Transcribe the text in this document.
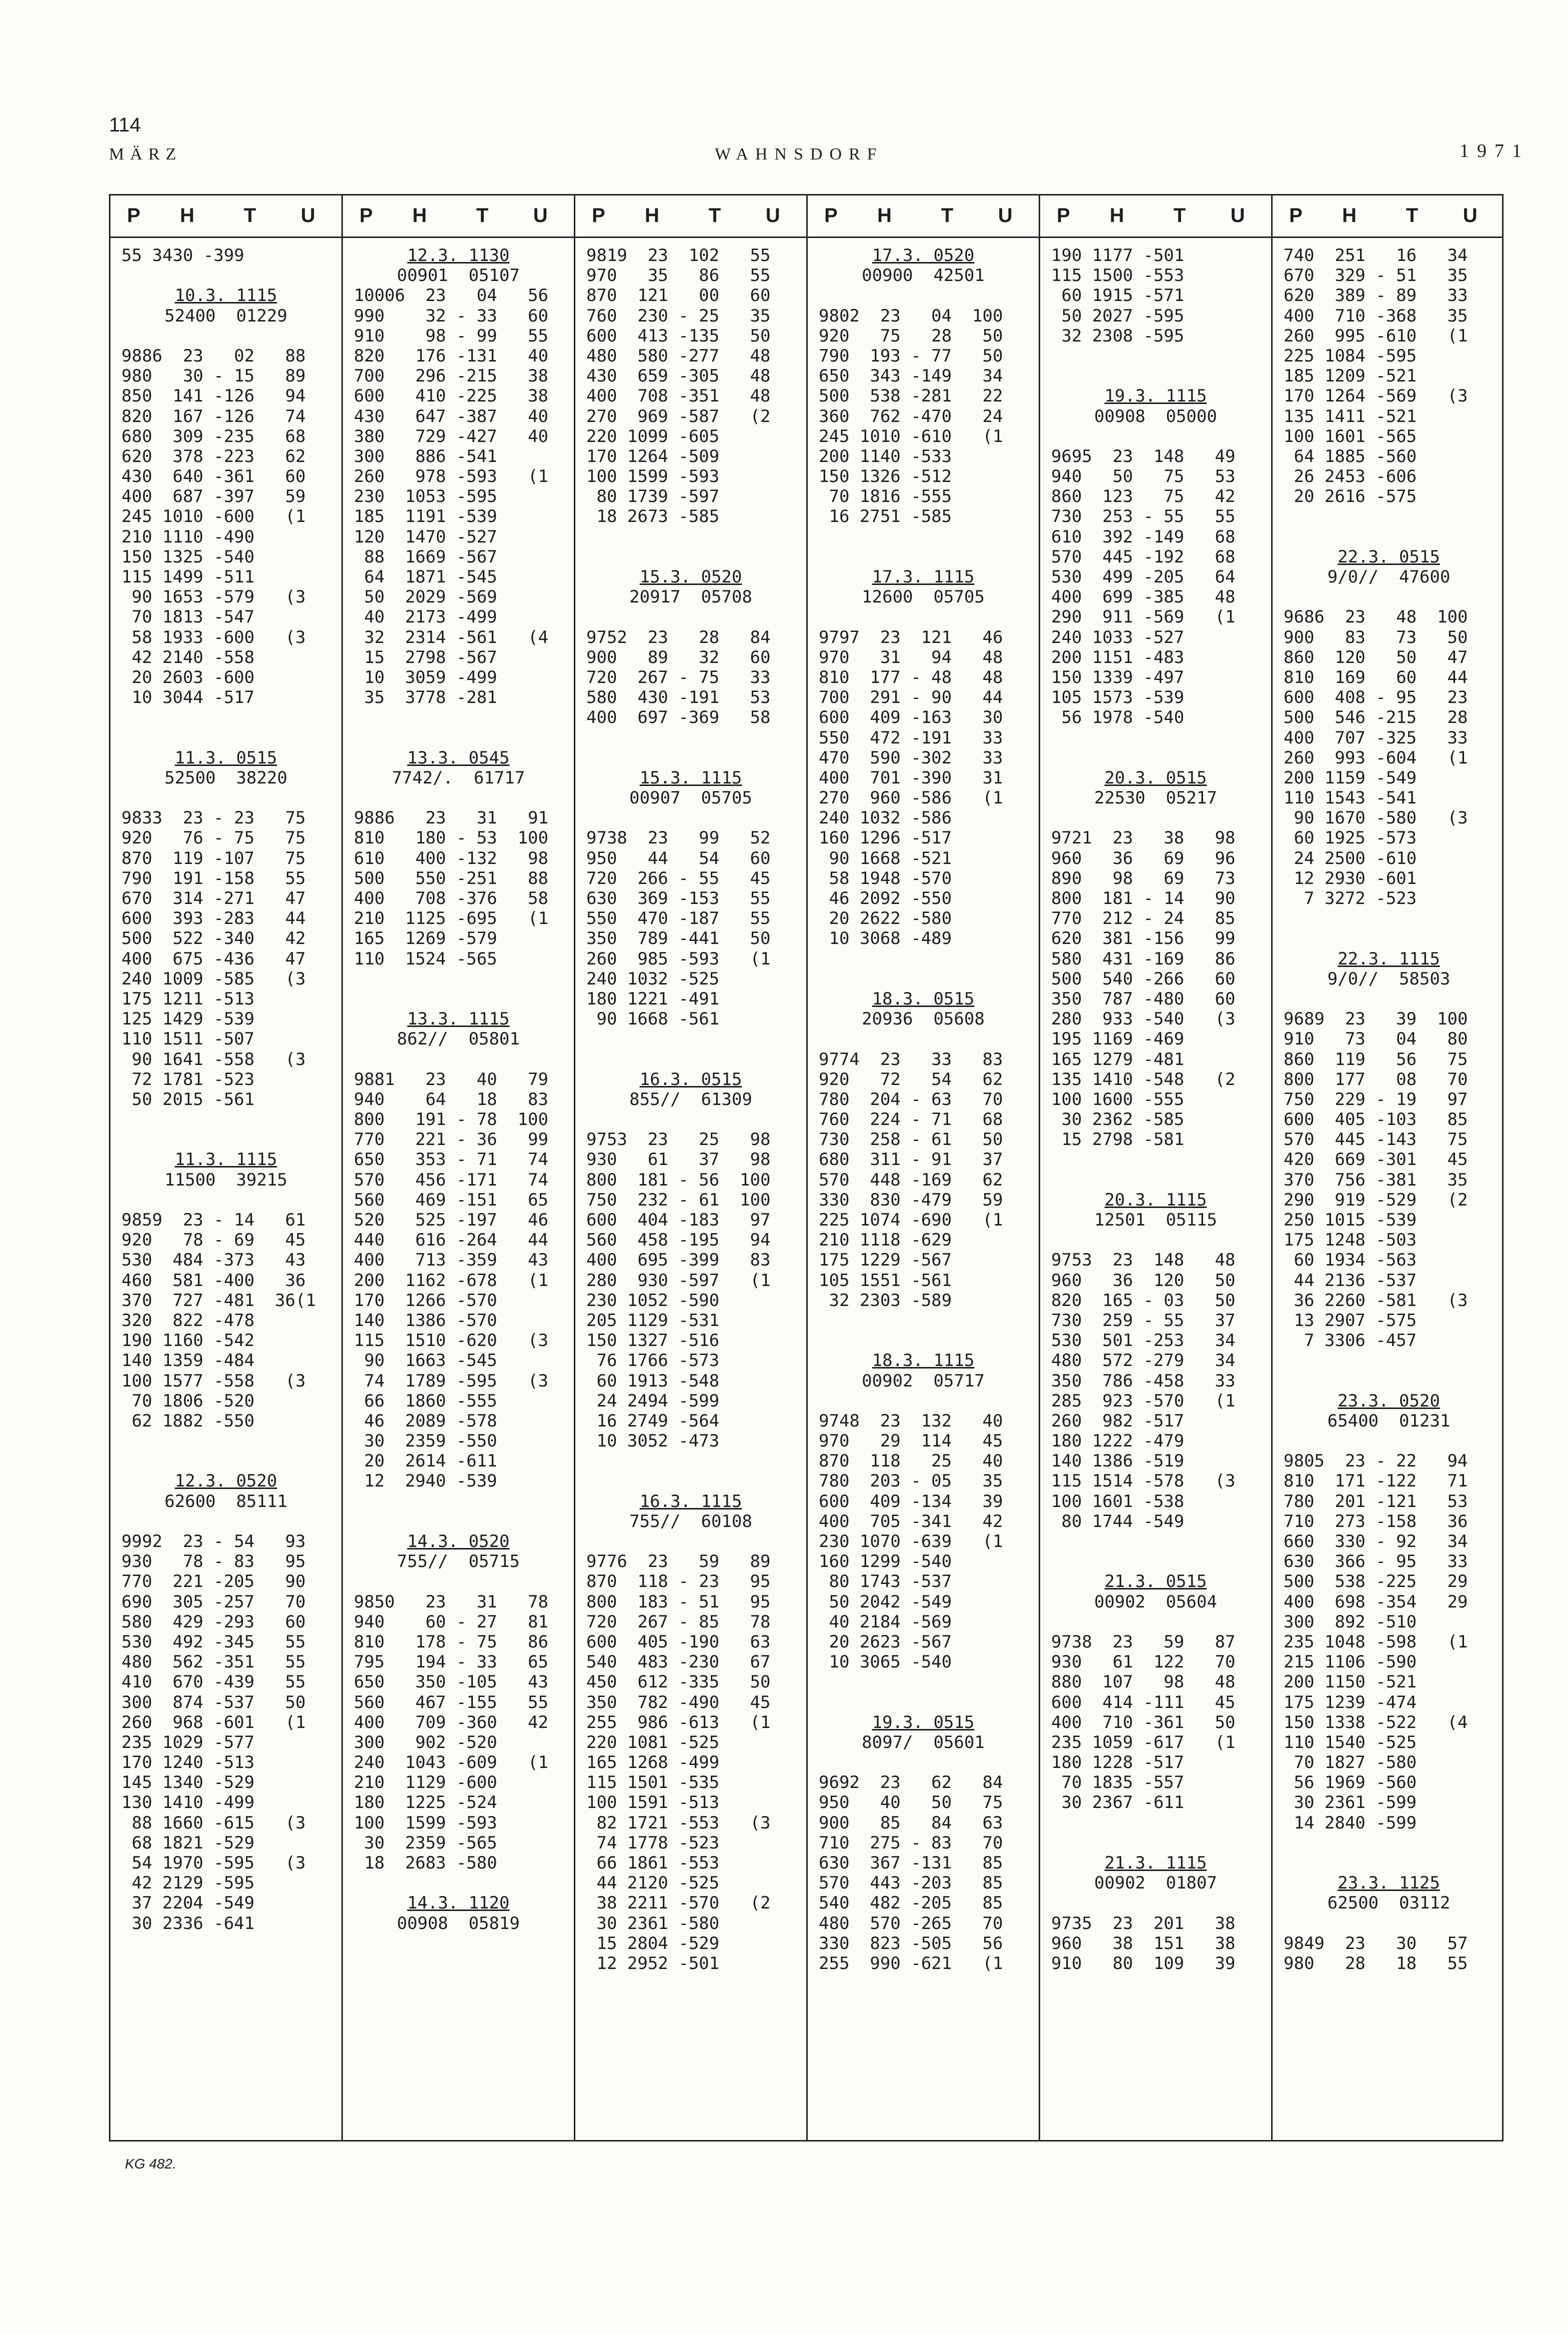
114
MÄRZ	WAHNSDORF	1971
P	H	T	U
55 3430 -399
10.3. 1115
52400  01229
9886  23   02   88
980   30 - 15   89
850  141 -126   94
820  167 -126   74
680  309 -235   68
620  378 -223   62
430  640 -361   60
400  687 -397   59
245 1010 -600   (1
210 1110 -490
150 1325 -540
115 1499 -511
90 1653 -579   (3
70 1813 -547
58 1933 -600   (3
42 2140 -558
20 2603 -600
10 3044 -517
11.3. 0515
52500  38220
9833  23 - 23   75
920   76 - 75   75
870  119 -107   75
790  191 -158   55
670  314 -271   47
600  393 -283   44
500  522 -340   42
400  675 -436   47
240 1009 -585   (3
175 1211 -513
125 1429 -539
110 1511 -507
90 1641 -558   (3
72 1781 -523
50 2015 -561
11.3. 1115
11500  39215
9859  23 - 14   61
920   78 - 69   45
530  484 -373   43
460  581 -400   36
370  727 -481  36(1
320  822 -478
190 1160 -542
140 1359 -484
100 1577 -558   (3
70 1806 -520
62 1882 -550
12.3. 0520
62600  85111
9992  23 - 54   93
930   78 - 83   95
770  221 -205   90
690  305 -257   70
580  429 -293   60
530  492 -345   55
480  562 -351   55
410  670 -439   55
300  874 -537   50
260  968 -601   (1
235 1029 -577
170 1240 -513
145 1340 -529
130 1410 -499
88 1660 -615   (3
68 1821 -529
54 1970 -595   (3
42 2129 -595
37 2204 -549
30 2336 -641
P	H	T	U
12.3. 1130
00901  05107
10006  23   04   56
990    32 - 33   60
910    98 - 99   55
820   176 -131   40
700   296 -215   38
600   410 -225   38
430   647 -387   40
380   729 -427   40
300   886 -541
260   978 -593   (1
230  1053 -595
185  1191 -539
120  1470 -527
88  1669 -567
64  1871 -545
50  2029 -569
40  2173 -499
32  2314 -561   (4
15  2798 -567
10  3059 -499
35  3778 -281
13.3. 0545
7742/.  61717
9886   23   31   91
810   180 - 53  100
610   400 -132   98
500   550 -251   88
400   708 -376   58
210  1125 -695   (1
165  1269 -579
110  1524 -565
13.3. 1115
862//  05801
9881   23   40   79
940    64   18   83
800   191 - 78  100
770   221 - 36   99
650   353 - 71   74
570   456 -171   74
560   469 -151   65
520   525 -197   46
440   616 -264   44
400   713 -359   43
200  1162 -678   (1
170  1266 -570
140  1386 -570
115  1510 -620   (3
90  1663 -545
74  1789 -595   (3
66  1860 -555
46  2089 -578
30  2359 -550
20  2614 -611
12  2940 -539
14.3. 0520
755//  05715
9850   23   31   78
940    60 - 27   81
810   178 - 75   86
795   194 - 33   65
650   350 -105   43
560   467 -155   55
400   709 -360   42
300   902 -520
240  1043 -609   (1
210  1129 -600
180  1225 -524
100  1599 -593
30  2359 -565
18  2683 -580
14.3. 1120
00908  05819
P	H	T	U
9819  23  102   55
970   35   86   55
870  121   00   60
760  230 - 25   35
600  413 -135   50
480  580 -277   48
430  659 -305   48
400  708 -351   48
270  969 -587   (2
220 1099 -605
170 1264 -509
100 1599 -593
80 1739 -597
18 2673 -585
15.3. 0520
20917  05708
9752  23   28   84
900   89   32   60
720  267 - 75   33
580  430 -191   53
400  697 -369   58
15.3. 1115
00907  05705
9738  23   99   52
950   44   54   60
720  266 - 55   45
630  369 -153   55
550  470 -187   55
350  789 -441   50
260  985 -593   (1
240 1032 -525
180 1221 -491
90 1668 -561
16.3. 0515
855//  61309
9753  23   25   98
930   61   37   98
800  181 - 56  100
750  232 - 61  100
600  404 -183   97
560  458 -195   94
400  695 -399   83
280  930 -597   (1
230 1052 -590
205 1129 -531
150 1327 -516
76 1766 -573
60 1913 -548
24 2494 -599
16 2749 -564
10 3052 -473
16.3. 1115
755//  60108
9776  23   59   89
870  118 - 23   95
800  183 - 51   95
720  267 - 85   78
600  405 -190   63
540  483 -230   67
450  612 -335   50
350  782 -490   45
255  986 -613   (1
220 1081 -525
165 1268 -499
115 1501 -535
100 1591 -513
82 1721 -553   (3
74 1778 -523
66 1861 -553
44 2120 -525
38 2211 -570   (2
30 2361 -580
15 2804 -529
12 2952 -501
P	H	T	U
17.3. 0520
00900  42501
9802  23   04  100
920   75   28   50
790  193 - 77   50
650  343 -149   34
500  538 -281   22
360  762 -470   24
245 1010 -610   (1
200 1140 -533
150 1326 -512
70 1816 -555
16 2751 -585
17.3. 1115
12600  05705
9797  23  121   46
970   31   94   48
810  177 - 48   48
700  291 - 90   44
600  409 -163   30
550  472 -191   33
470  590 -302   33
400  701 -390   31
270  960 -586   (1
240 1032 -586
160 1296 -517
90 1668 -521
58 1948 -570
46 2092 -550
20 2622 -580
10 3068 -489
18.3. 0515
20936  05608
9774  23   33   83
920   72   54   62
780  204 - 63   70
760  224 - 71   68
730  258 - 61   50
680  311 - 91   37
570  448 -169   62
330  830 -479   59
225 1074 -690   (1
210 1118 -629
175 1229 -567
105 1551 -561
32 2303 -589
18.3. 1115
00902  05717
9748  23  132   40
970   29  114   45
870  118   25   40
780  203 - 05   35
600  409 -134   39
400  705 -341   42
230 1070 -639   (1
160 1299 -540
80 1743 -537
50 2042 -549
40 2184 -569
20 2623 -567
10 3065 -540
19.3. 0515
8097/  05601
9692  23   62   84
950   40   50   75
900   85   84   63
710  275 - 83   70
630  367 -131   85
570  443 -203   85
540  482 -205   85
480  570 -265   70
330  823 -505   56
255  990 -621   (1
P	H	T	U
190 1177 -501
115 1500 -553
60 1915 -571
50 2027 -595
32 2308 -595
19.3. 1115
00908  05000
9695  23  148   49
940   50   75   53
860  123   75   42
730  253 - 55   55
610  392 -149   68
570  445 -192   68
530  499 -205   64
400  699 -385   48
290  911 -569   (1
240 1033 -527
200 1151 -483
150 1339 -497
105 1573 -539
56 1978 -540
20.3. 0515
22530  05217
9721  23   38   98
960   36   69   96
890   98   69   73
800  181 - 14   90
770  212 - 24   85
620  381 -156   99
580  431 -169   86
500  540 -266   60
350  787 -480   60
280  933 -540   (3
195 1169 -469
165 1279 -481
135 1410 -548   (2
100 1600 -555
30 2362 -585
15 2798 -581
20.3. 1115
12501  05115
9753  23  148   48
960   36  120   50
820  165 - 03   50
730  259 - 55   37
530  501 -253   34
480  572 -279   34
350  786 -458   33
285  923 -570   (1
260  982 -517
180 1222 -479
140 1386 -519
115 1514 -578   (3
100 1601 -538
80 1744 -549
21.3. 0515
00902  05604
9738  23   59   87
930   61  122   70
880  107   98   48
600  414 -111   45
400  710 -361   50
235 1059 -617   (1
180 1228 -517
70 1835 -557
30 2367 -611
21.3. 1115
00902  01807
9735  23  201   38
960   38  151   38
910   80  109   39
P	H	T	U
740  251   16   34
670  329 - 51   35
620  389 - 89   33
400  710 -368   35
260  995 -610   (1
225 1084 -595
185 1209 -521
170 1264 -569   (3
135 1411 -521
100 1601 -565
64 1885 -560
26 2453 -606
20 2616 -575
22.3. 0515
9/0//  47600
9686  23   48  100
900   83   73   50
860  120   50   47
810  169   60   44
600  408 - 95   23
500  546 -215   28
400  707 -325   33
260  993 -604   (1
200 1159 -549
110 1543 -541
90 1670 -580   (3
60 1925 -573
24 2500 -610
12 2930 -601
7 3272 -523
22.3. 1115
9/0//  58503
9689  23   39  100
910   73   04   80
860  119   56   75
800  177   08   70
750  229 - 19   97
600  405 -103   85
570  445 -143   75
420  669 -301   45
370  756 -381   35
290  919 -529   (2
250 1015 -539
175 1248 -503
60 1934 -563
44 2136 -537
36 2260 -581   (3
13 2907 -575
7 3306 -457
23.3. 0520
65400  01231
9805  23 - 22   94
810  171 -122   71
780  201 -121   53
710  273 -158   36
660  330 - 92   34
630  366 - 95   33
500  538 -225   29
400  698 -354   29
300  892 -510
235 1048 -598   (1
215 1106 -590
200 1150 -521
175 1239 -474
150 1338 -522   (4
110 1540 -525
70 1827 -580
56 1969 -560
30 2361 -599
14 2840 -599
23.3. 1125
62500  03112
9849  23   30   57
980   28   18   55
KG 482.
